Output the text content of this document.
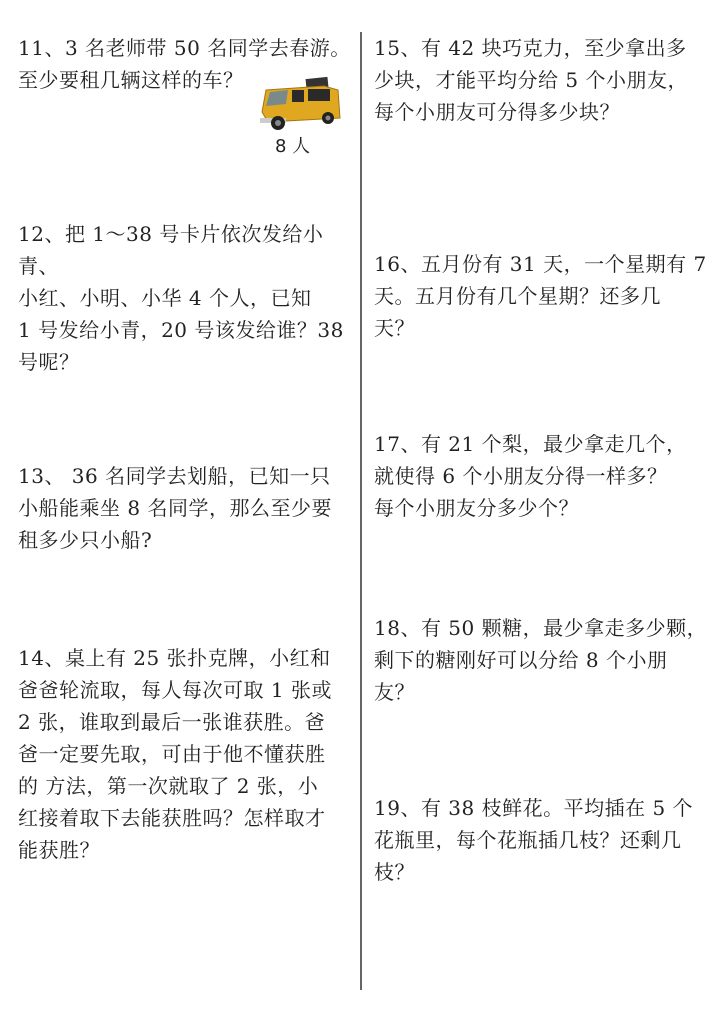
11、3 名老师带 50 名同学去春游。
至少要租几辆这样的车？
8 人
12、把 1～38 号卡片依次发给小青、
小红、小明、小华 4 个人，已知
1 号发给小青，20 号该发给谁？38
号呢？
13、 36 名同学去划船，已知一只
小船能乘坐 8 名同学，那么至少要
租多少只小船?
14、桌上有 25 张扑克牌，小红和
爸爸轮流取，每人每次可取 1 张或
2 张，谁取到最后一张谁获胜。爸
爸一定要先取，可由于他不懂获胜
的 方法，第一次就取了 2 张，小
红接着取下去能获胜吗？怎样取才
能获胜？
15、有 42 块巧克力，至少拿出多
少块，才能平均分给 5 个小朋友，
每个小朋友可分得多少块？
16、五月份有 31 天，一个星期有 7
天。五月份有几个星期？还多几
天？
17、有 21 个梨，最少拿走几个，
就使得 6 个小朋友分得一样多？
每个小朋友分多少个？
18、有 50 颗糖，最少拿走多少颗，
剩下的糖刚好可以分给 8 个小朋
友？
19、有 38 枝鲜花。平均插在 5 个
花瓶里，每个花瓶插几枝？还剩几
枝？
